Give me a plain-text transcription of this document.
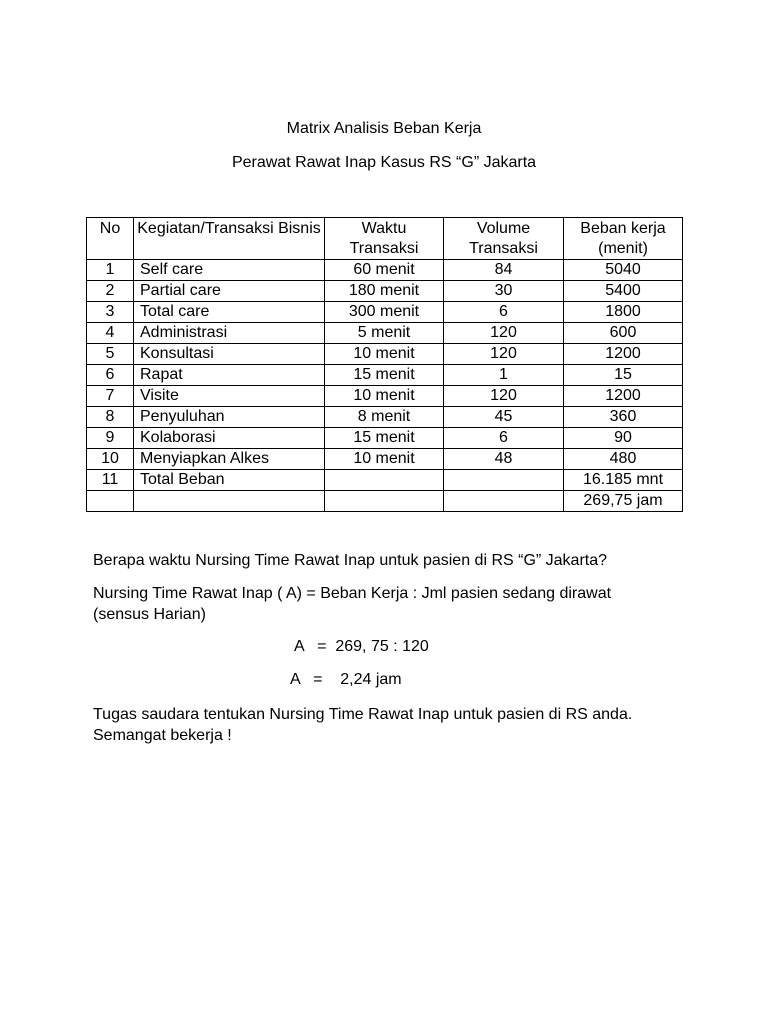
Matrix Analisis Beban Kerja
Perawat Rawat Inap Kasus RS “G” Jakarta
No	Kegiatan/Transaksi Bisnis	Waktu Transaksi	Volume Transaksi	Beban kerja (menit)
1	Self care	60 menit	84	5040
2	Partial care	180 menit	30	5400
3	Total care	300 menit	6	1800
4	Administrasi	5 menit	120	600
5	Konsultasi	10 menit	120	1200
6	Rapat	15 menit	1	15
7	Visite	10 menit	120	1200
8	Penyuluhan	8 menit	45	360
9	Kolaborasi	15 menit	6	90
10	Menyiapkan Alkes	10 menit	48	480
11	Total Beban			16.185 mnt
				269,75 jam
Berapa waktu Nursing Time Rawat Inap untuk pasien di RS “G” Jakarta?
Nursing Time Rawat Inap ( A) = Beban Kerja : Jml pasien sedang dirawat
(sensus Harian)
A   =  269, 75 : 120
A   =    2,24 jam
Tugas saudara tentukan Nursing Time Rawat Inap untuk pasien di RS anda.
Semangat bekerja !
